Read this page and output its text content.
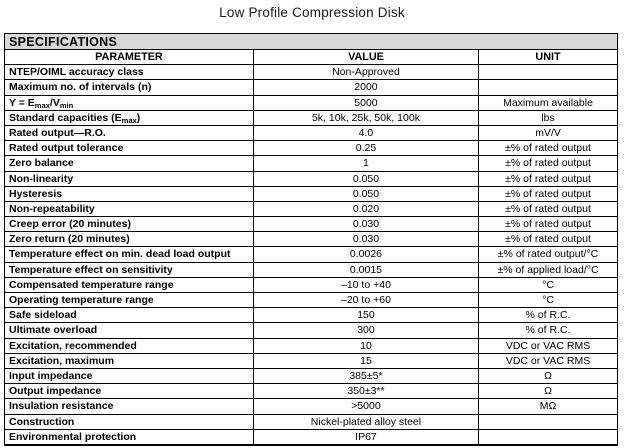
Low Profile Compression Disk
SPECIFICATIONS
PARAMETER	VALUE	UNIT
NTEP/OIML accuracy class	Non-Approved
Maximum no. of intervals (n)	2000
$Y = E_{max}/V_{min}$	5000	Maximum available
Standard capacities $(E_{max})$	5k, 10k, 25k, 50k, 100k	lbs
Rated output—R.O.	4.0	mV/V
Rated output tolerance	0.25	±% of rated output
Zero balance	1	±% of rated output
Non-linearity	0.050	±% of rated output
Hysteresis	0.050	±% of rated output
Non-repeatability	0.020	±% of rated output
Creep error (20 minutes)	0.030	±% of rated output
Zero return (20 minutes)	0.030	±% of rated output
Temperature effect on min. dead load output	0.0026	±% of rated output/°C
Temperature effect on sensitivity	0.0015	±% of applied load/°C
Compensated temperature range	–10 to +40	°C
Operating temperature range	–20 to +60	°C
Safe sideload	150	% of R.C.
Ultimate overload	300	% of R.C.
Excitation, recommended	10	VDC or VAC RMS
Excitation, maximum	15	VDC or VAC RMS
Input impedance	385±5*	Ω
Output impedance	350±3**	Ω
Insulation resistance	>5000	MΩ
Construction	Nickel-plated alloy steel
Environmental protection	IP67
